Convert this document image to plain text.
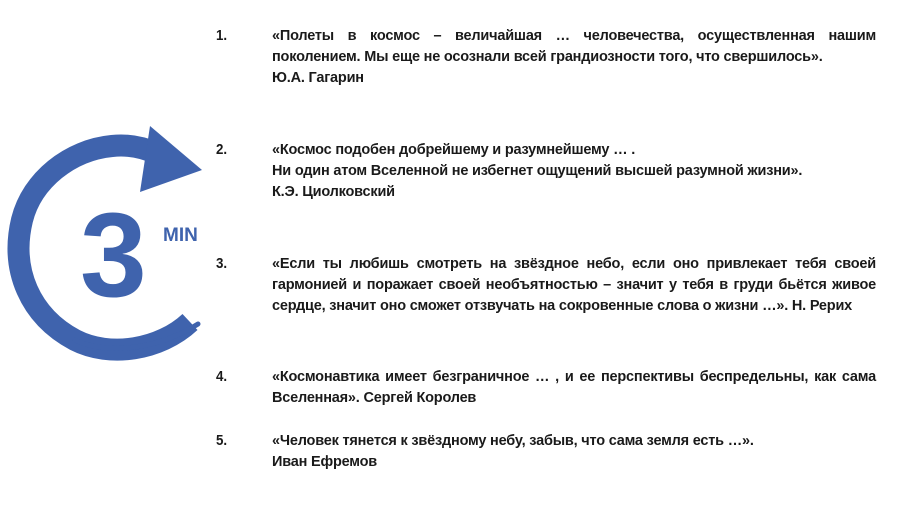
3 MIN
1.	«Полеты в космос – величайшая … человечества, осуществленная нашим поколением. Мы еще не осознали всей грандиозности того, что свершилось».
Ю.А. Гагарин
2.	«Космос подобен добрейшему и разумнейшему … .
Ни один атом Вселенной не избегнет ощущений высшей разумной жизни».
К.Э. Циолковский
3.	«Если ты любишь смотреть на звёздное небо, если оно привлекает тебя своей гармонией и поражает своей необъятностью – значит у тебя в груди бьётся живое сердце, значит оно сможет отзвучать на сокровенные слова о жизни …». Н. Рерих
4.	«Космонавтика имеет безграничное … , и ее перспективы беспредельны, как сама Вселенная». Сергей Королев
5.	«Человек тянется к звёздному небу, забыв, что сама земля есть …».
Иван Ефремов
